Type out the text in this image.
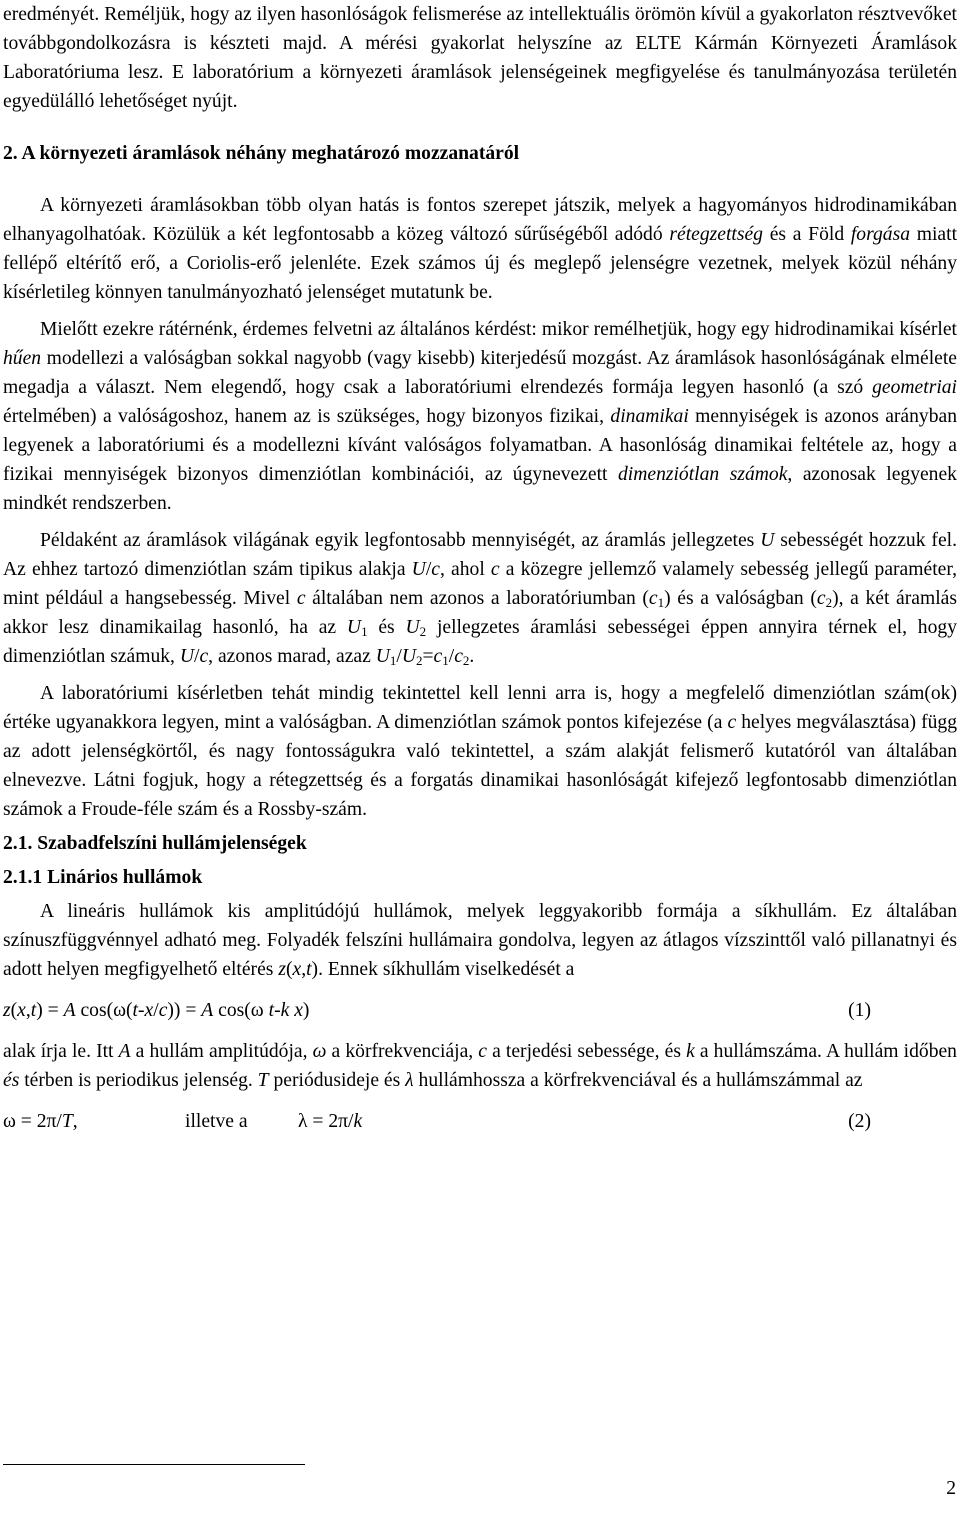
eredményét. Reméljük, hogy az ilyen hasonlóságok felismerése az intellektuális örömön kívül a gyakorlaton résztvevőket továbbgondolkozásra is készteti majd. A mérési gyakorlat helyszíne az ELTE Kármán Környezeti Áramlások Laboratóriuma lesz. E laboratórium a környezeti áramlások jelenségeinek megfigyelése és tanulmányozása területén egyedülálló lehetőséget nyújt.

2. A környezeti áramlások néhány meghatározó mozzanatáról

A környezeti áramlásokban több olyan hatás is fontos szerepet játszik, melyek a hagyományos hidrodinamikában elhanyagolhatóak. Közülük a két legfontosabb a közeg változó sűrűségéből adódó rétegzettség és a Föld forgása miatt fellépő eltérítő erő, a Coriolis-erő jelenléte. Ezek számos új és meglepő jelenségre vezetnek, melyek közül néhány kísérletileg könnyen tanulmányozható jelenséget mutatunk be.

Mielőtt ezekre rátérnénk, érdemes felvetni az általános kérdést: mikor remélhetjük, hogy egy hidrodinamikai kísérlet hűen modellezi a valóságban sokkal nagyobb (vagy kisebb) kiterjedésű mozgást. Az áramlások hasonlóságának elmélete megadja a választ. Nem elegendő, hogy csak a laboratóriumi elrendezés formája legyen hasonló (a szó geometriai értelmében) a valóságoshoz, hanem az is szükséges, hogy bizonyos fizikai, dinamikai mennyiségek is azonos arányban legyenek a laboratóriumi és a modellezni kívánt valóságos folyamatban. A hasonlóság dinamikai feltétele az, hogy a fizikai mennyiségek bizonyos dimenziótlan kombinációi, az úgynevezett dimenziótlan számok, azonosak legyenek mindkét rendszerben.

Példaként az áramlások világának egyik legfontosabb mennyiségét, az áramlás jellegzetes U sebességét hozzuk fel. Az ehhez tartozó dimenziótlan szám tipikus alakja U/c, ahol c a közegre jellemző valamely sebesség jellegű paraméter, mint például a hangsebesség. Mivel c általában nem azonos a laboratóriumban $(c_1)$ és a valóságban $(c_2)$, a két áramlás akkor lesz dinamikailag hasonló, ha az $U_1$ és $U_2$ jellegzetes áramlási sebességei éppen annyira térnek el, hogy dimenziótlan számuk, U/c, azonos marad, azaz $U_1/U_2=c_1/c_2$.

A laboratóriumi kísérletben tehát mindig tekintettel kell lenni arra is, hogy a megfelelő dimenziótlan szám(ok) értéke ugyanakkora legyen, mint a valóságban. A dimenziótlan számok pontos kifejezése (a c helyes megválasztása) függ az adott jelenségkörtől, és nagy fontosságukra való tekintettel, a szám alakját felismerő kutatóról van általában elnevezve. Látni fogjuk, hogy a rétegzettség és a forgatás dinamikai hasonlóságát kifejező legfontosabb dimenziótlan számok a Froude-féle szám és a Rossby-szám.

2.1. Szabadfelszíni hullámjelenségek
2.1.1 Linários hullámok

A lineáris hullámok kis amplitúdójú hullámok, melyek leggyakoribb formája a síkhullám. Ez általában színuszfüggvénnyel adható meg. Folyadék felszíni hullámaira gondolva, legyen az átlagos vízszinttől való pillanatnyi és adott helyen megfigyelhető eltérés z(x,t). Ennek síkhullám viselkedését a

z(x,t) = A cos(ω(t-x/c)) = A cos(ω t-k x)	(1)

alak írja le. Itt A a hullám amplitúdója, ω a körfrekvenciája, c a terjedési sebessége, és k a hullámszáma. A hullám időben és térben is periodikus jelenség. T periódusideje és λ hullámhossza a körfrekvenciával és a hullámszámmal az

ω = 2π/T,	illetve a	λ = 2π/k	(2)
2
